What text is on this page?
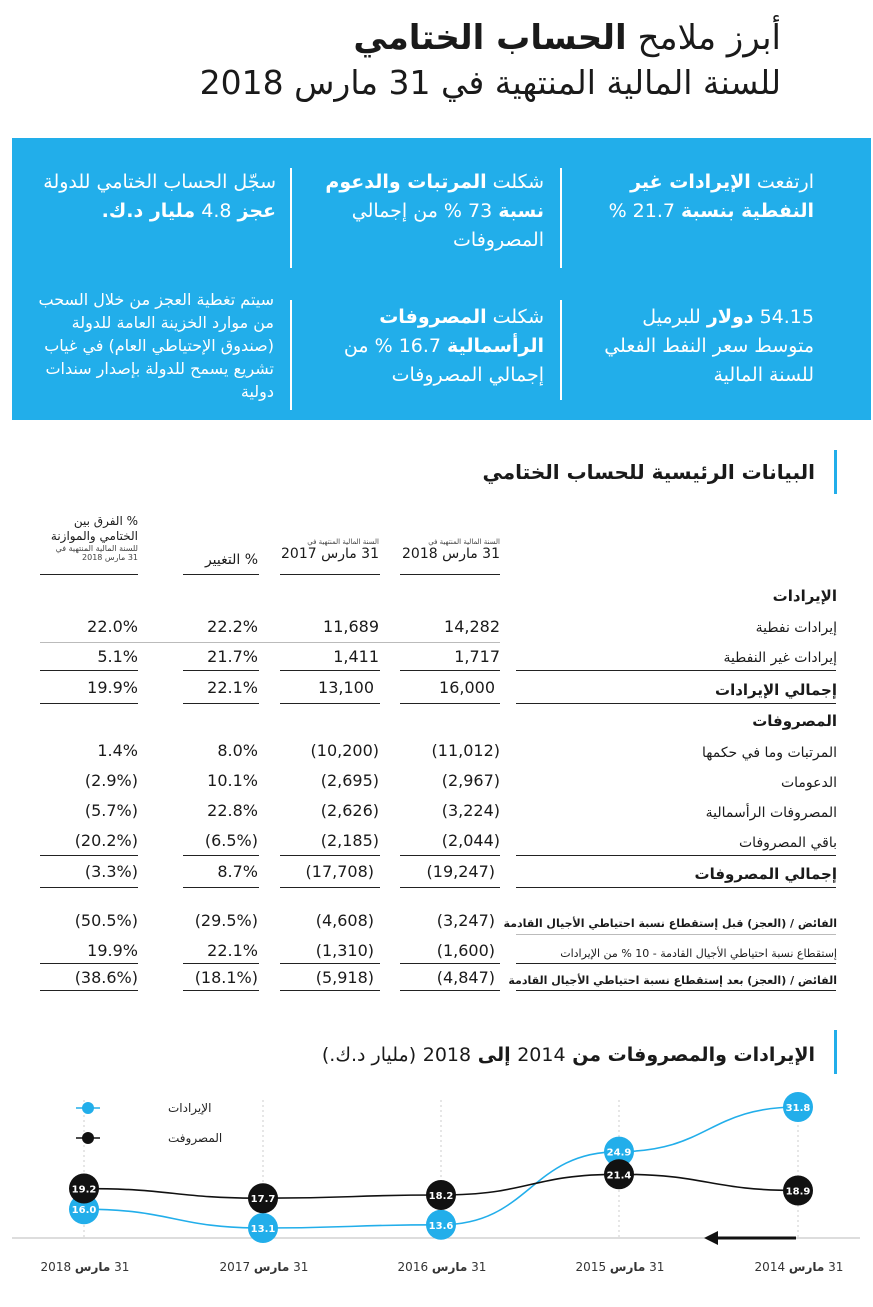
أبرز ملامح الحساب الختامي
للسنة المالية المنتهية في 31 مارس 2018
ارتفعت الإيرادات غير النفطية بنسبة 21.7 %
شكلت المرتبات والدعوم نسبة 73 % من إجمالي المصروفات
سجّل الحساب الختامي للدولة عجز 4.8 مليار د.ك.
54.15 دولار للبرميل متوسط سعر النفط الفعلي للسنة المالية
شكلت المصروفات الرأسمالية 16.7 % من إجمالي المصروفات
سيتم تغطية العجز من خلال السحب من موارد الخزينة العامة للدولة (صندوق الإحتياطي العام) في غياب تشريع يسمح للدولة بإصدار سندات دولية
البيانات الرئيسية للحساب الختامي
السنة المالية المنتهية في
31 مارس 2018
السنة المالية المنتهية في
31 مارس 2017
% التغيير
% الفرق بين
الختامي والموازنة
للسنة المالية المنتهية في
31 مارس 2018
الإيرادات
المصروفات
إيرادات نفطية
14,282
11,689
22.2%
22.0%
إيرادات غير النفطية
1,717
1,411
21.7%
5.1%
إجمالي الإيرادات
16,000
13,100
22.1%
19.9%
المرتبات وما في حكمها
(11,012)
(10,200)
8.0%
1.4%
الدعومات
(2,967)
(2,695)
10.1%
(2.9%)
المصروفات الرأسمالية
(3,224)
(2,626)
22.8%
(5.7%)
باقي المصروفات
(2,044)
(2,185)
(6.5%)
(20.2%)
إجمالي المصروفات
(19,247)
(17,708)
8.7%
(3.3%)
الفائض / (العجز) قبل إستقطاع نسبة احتياطي الأجيال القادمة
(3,247)
(4,608)
(29.5%)
(50.5%)
إستقطاع نسبة احتياطي الأجيال القادمة - 10 % من الإيرادات
(1,600)
(1,310)
22.1%
19.9%
الفائض / (العجز) بعد إستقطاع نسبة احتياطي الأجيال القادمة
(4,847)
(5,918)
(18.1%)
(38.6%)
الإيرادات والمصروفات من 2014 إلى 2018 (مليار د.ك.)
31.8
24.9
13.6
13.1
16.0
18.9
21.4
18.2
17.7
19.2
الإيرادات
المصروفت
31 مارس 2014
31 مارس 2015
31 مارس 2016
31 مارس 2017
31 مارس 2018
